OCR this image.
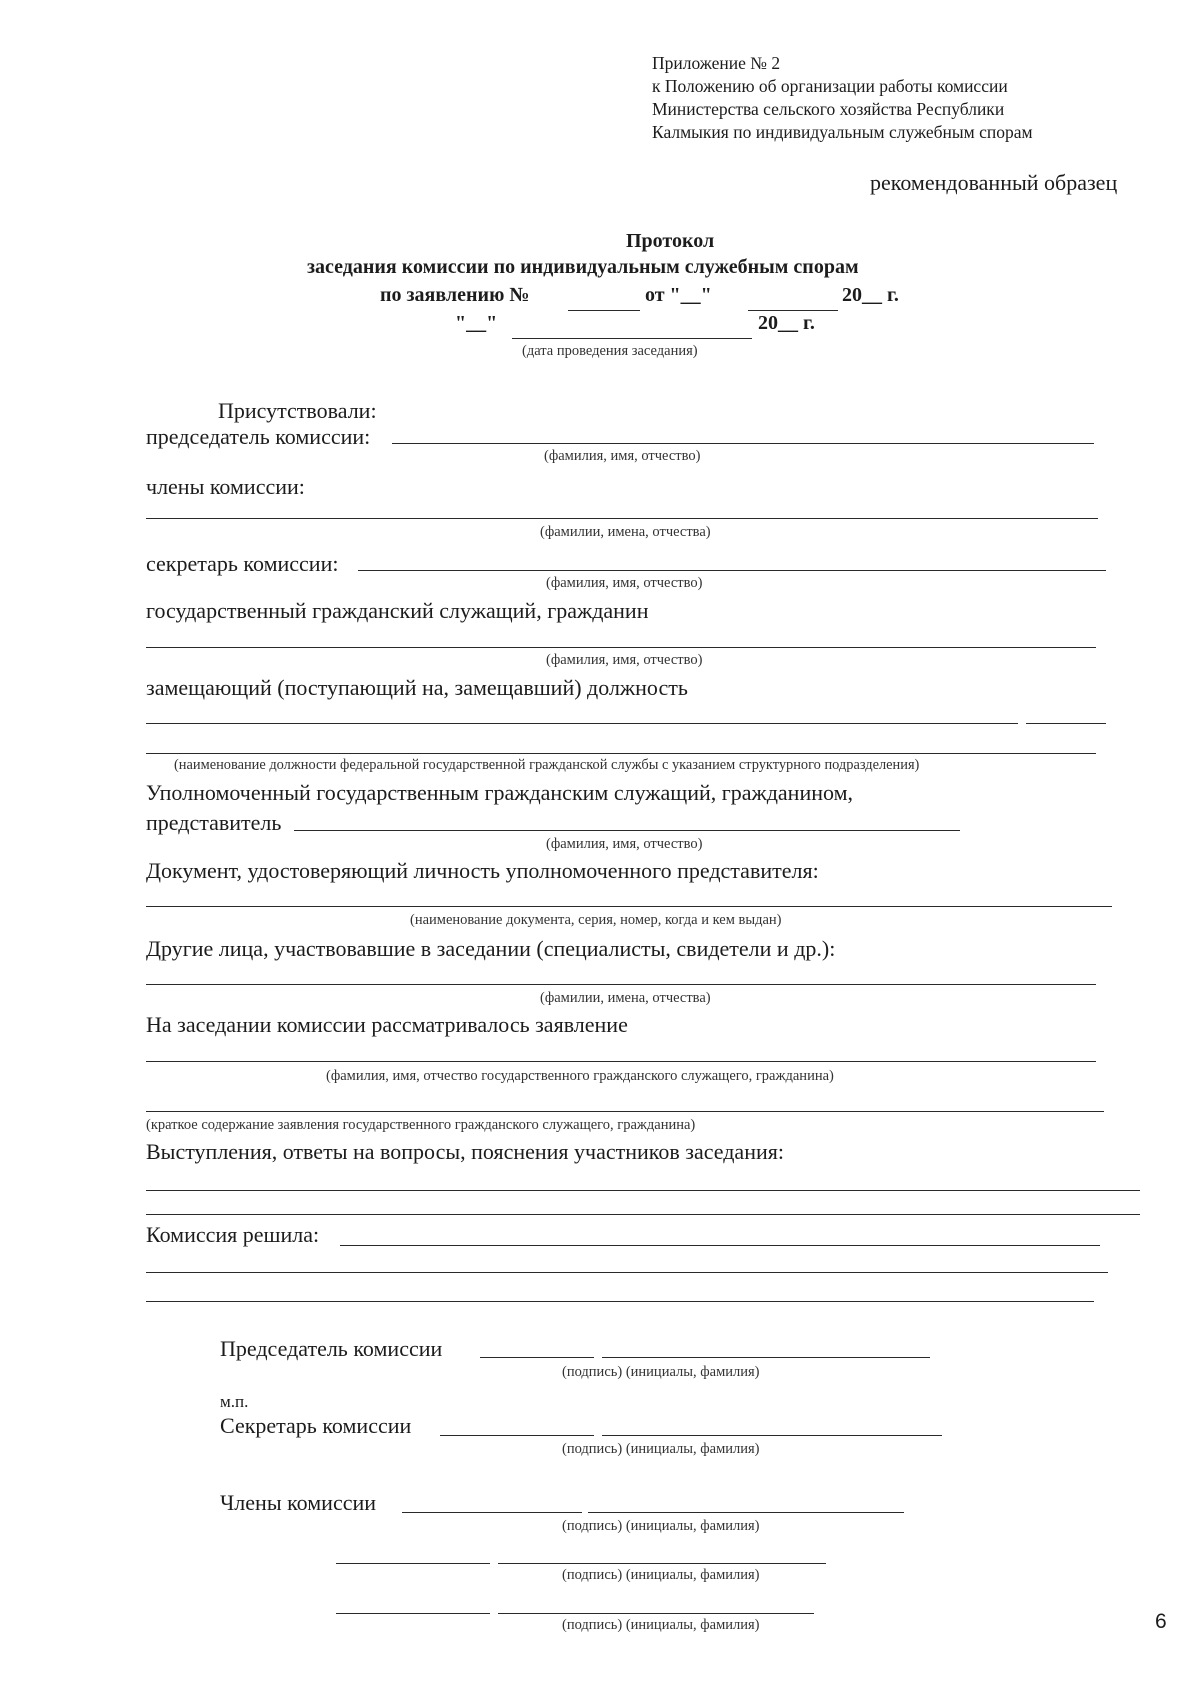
Приложение № 2
к Положению об организации работы комиссии
Министерства сельского хозяйства Республики
Калмыкия по индивидуальным служебным спорам
рекомендованный образец
Протокол
заседания комиссии по индивидуальным служебным спорам
по заявлению №	от "__"	20__ г.
"__"	20__ г.
(дата проведения заседания)
Присутствовали:
председатель комиссии:
(фамилия, имя, отчество)
члены комиссии:
(фамилии, имена, отчества)
секретарь комиссии:
(фамилия, имя, отчество)
государственный гражданский служащий, гражданин
(фамилия, имя, отчество)
замещающий (поступающий на, замещавший) должность
(наименование должности федеральной государственной гражданской службы с указанием структурного подразделения)
Уполномоченный государственным гражданским служащий, гражданином,
представитель
(фамилия, имя, отчество)
Документ, удостоверяющий личность уполномоченного представителя:
(наименование документа, серия, номер, когда и кем выдан)
Другие лица, участвовавшие в заседании (специалисты, свидетели и др.):
(фамилии, имена, отчества)
На заседании комиссии рассматривалось заявление
(фамилия, имя, отчество государственного гражданского служащего, гражданина)
(краткое содержание заявления государственного гражданского служащего, гражданина)
Выступления, ответы на вопросы, пояснения участников заседания:
Комиссия решила:
Председатель комиссии
(подпись) (инициалы, фамилия)
м.п.
Секретарь комиссии
(подпись) (инициалы, фамилия)
Члены комиссии
(подпись) (инициалы, фамилия)
(подпись) (инициалы, фамилия)
(подпись) (инициалы, фамилия)	6
